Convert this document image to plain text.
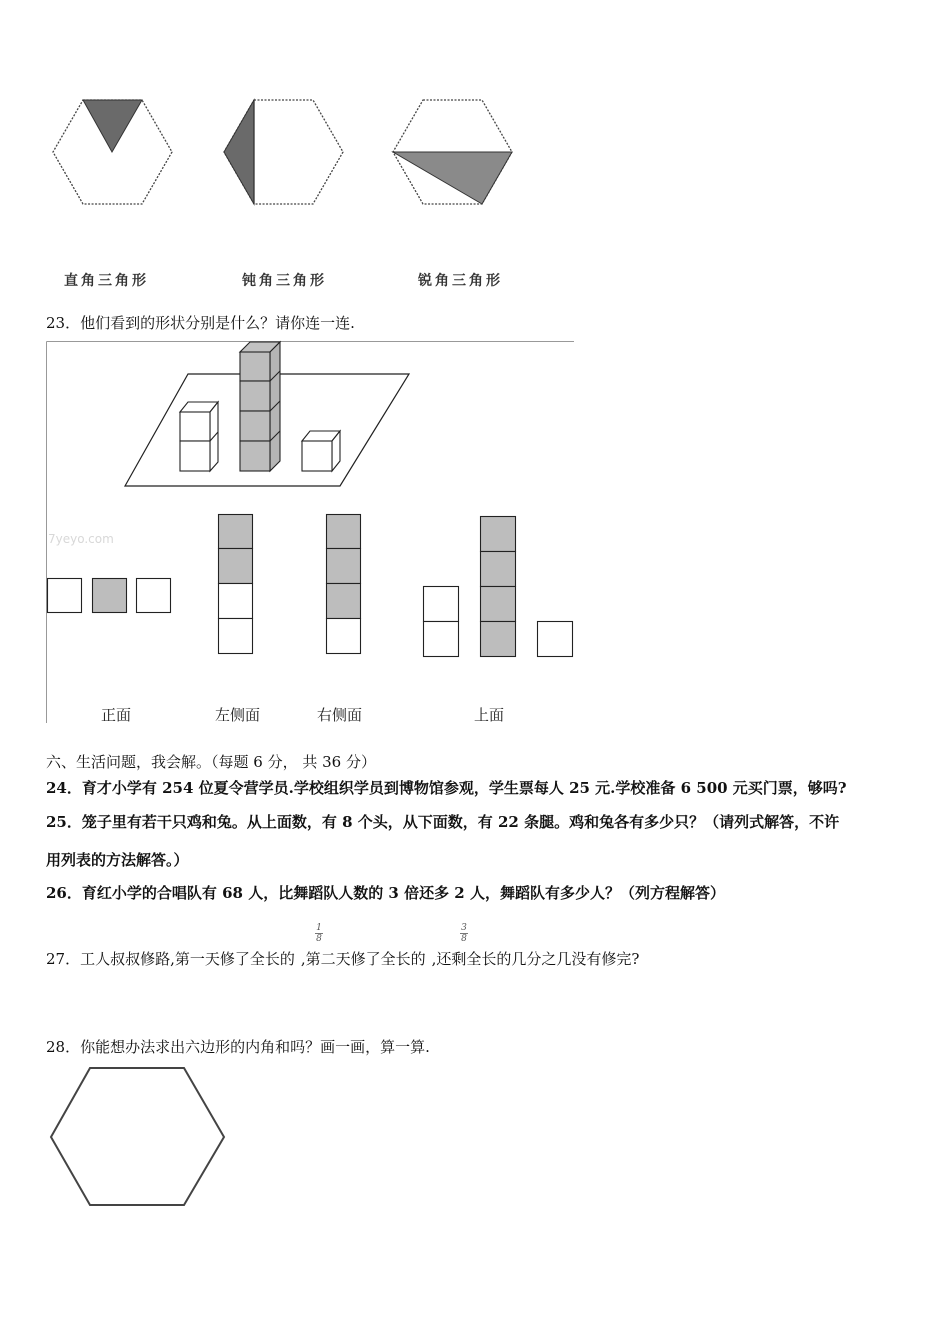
直角三角形	钝角三角形	锐角三角形
23．他们看到的形状分别是什么？请你连一连.
7yeyo.com
正面	左侧面	右侧面	上面
六、生活问题，我会解。（每题 6 分， 共 36 分）
24．育才小学有 254 位夏令营学员.学校组织学员到博物馆参观，学生票每人 25 元.学校准备 6 500 元买门票，够吗?
25．笼子里有若干只鸡和兔。从上面数，有 8 个头，从下面数，有 22 条腿。鸡和兔各有多少只？（请列式解答，不许
用列表的方法解答。）
26．育红小学的合唱队有 68 人，比舞蹈队人数的 3 倍还多 2 人，舞蹈队有多少人？（列方程解答）
27．工人叔叔修路,第一天修了全长的 ,第二天修了全长的 ,还剩全长的几分之几没有修完?
1
8
3
8
28．你能想办法求出六边形的内角和吗？画一画，算一算.
